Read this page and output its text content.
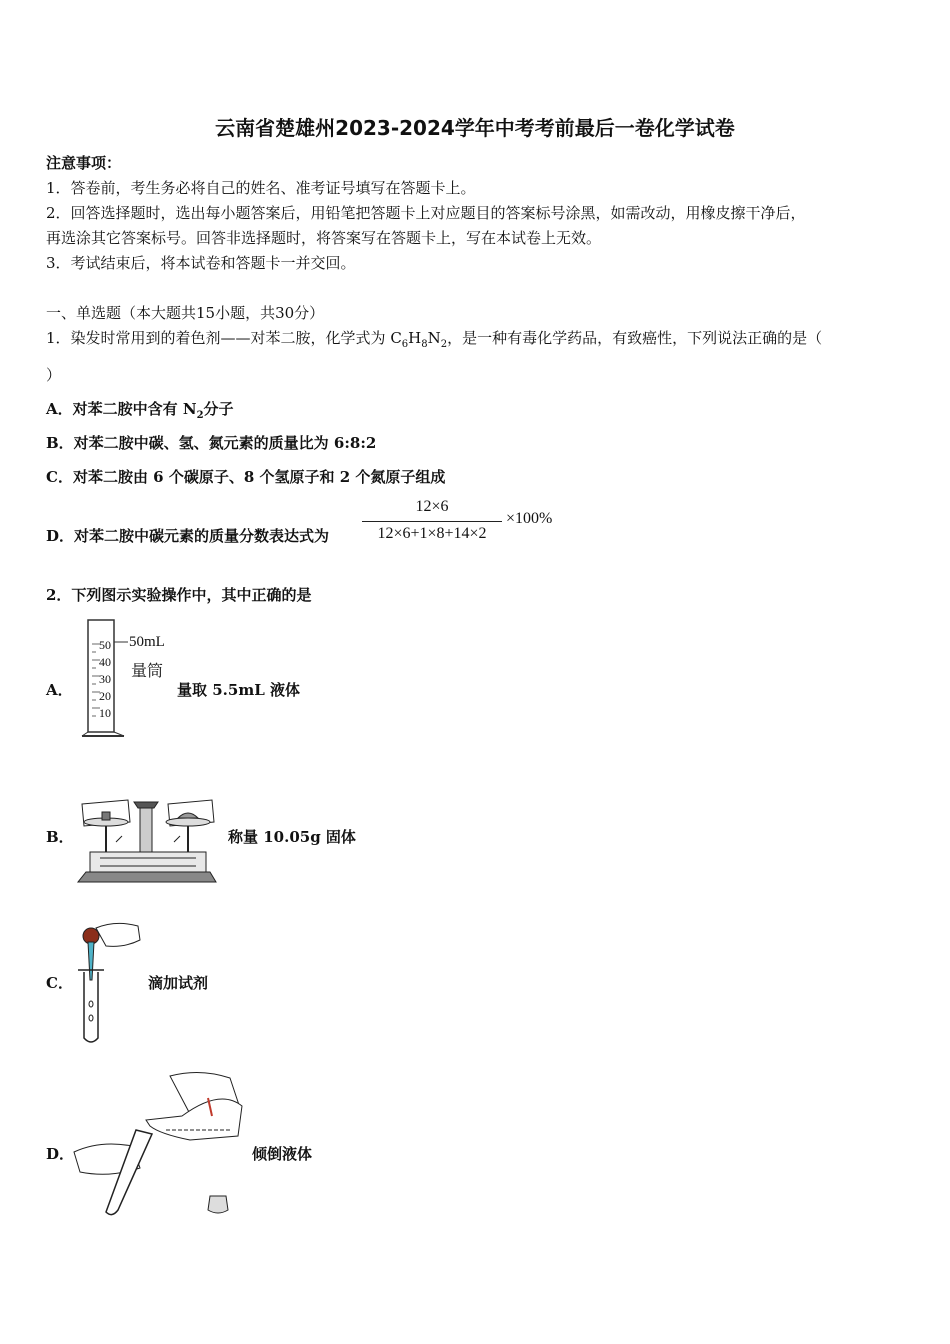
云南省楚雄州2023-2024学年中考考前最后一卷化学试卷
注意事项：
1．答卷前，考生务必将自己的姓名、准考证号填写在答题卡上。
2．回答选择题时，选出每小题答案后，用铅笔把答题卡上对应题目的答案标号涂黑，如需改动，用橡皮擦干净后，
再选涂其它答案标号。回答非选择题时，将答案写在答题卡上，写在本试卷上无效。
3．考试结束后，将本试卷和答题卡一并交回。
一、单选题（本大题共15小题，共30分）
1．染发时常用到的着色剂——对苯二胺，化学式为 $C_6H_8N_2$，是一种有毒化学药品，有致癌性，下列说法正确的是（
）
A．对苯二胺中含有 $N_2$分子
B．对苯二胺中碳、氢、氮元素的质量比为 6:8:2
C．对苯二胺由 6 个碳原子、8 个氢原子和 2 个氮原子组成
D．对苯二胺中碳元素的质量分数表达式为
12×6
12×6+1×8+14×2
×100%
2．下列图示实验操作中，其中正确的是
A．
50
40
30
20
10
50mL
量筒
量取 5.5mL 液体
B．	称量 10.05g 固体
C．	滴加试剂
D．	倾倒液体
